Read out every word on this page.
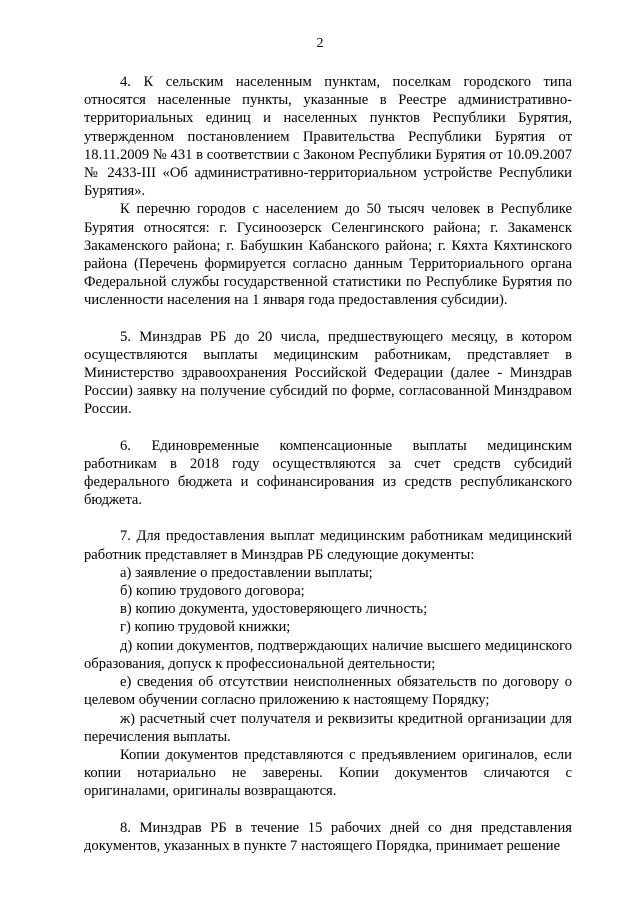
2

4. К сельским населенным пунктам, поселкам городского типа относятся населенные пункты, указанные в Реестре административно-территориальных единиц и населенных пунктов Республики Бурятия, утвержденном постановлением Правительства Республики Бурятия от 18.11.2009 № 431 в соответствии с Законом Республики Бурятия от 10.09.2007 № 2433-III «Об административно-территориальном устройстве Республики Бурятия».

К перечню городов с населением до 50 тысяч человек в Республике Бурятия относятся: г. Гусиноозерск Селенгинского района; г. Закаменск Закаменского района; г. Бабушкин Кабанского района; г. Кяхта Кяхтинского района (Перечень формируется согласно данным Территориального органа Федеральной службы государственной статистики по Республике Бурятия по численности населения на 1 января года предоставления субсидии).

5. Минздрав РБ до 20 числа, предшествующего месяцу, в котором осуществляются выплаты медицинским работникам, представляет в Министерство здравоохранения Российской Федерации (далее - Минздрав России) заявку на получение субсидий по форме, согласованной Минздравом России.

6. Единовременные компенсационные выплаты медицинским работникам в 2018 году осуществляются за счет средств субсидий федерального бюджета и софинансирования из средств республиканского бюджета.

7. Для предоставления выплат медицинским работникам медицинский работник представляет в Минздрав РБ следующие документы:

а) заявление о предоставлении выплаты;

б) копию трудового договора;

в) копию документа, удостоверяющего личность;

г) копию трудовой книжки;

д) копии документов, подтверждающих наличие высшего медицинского образования, допуск к профессиональной деятельности;

е) сведения об отсутствии неисполненных обязательств по договору о целевом обучении согласно приложению к настоящему Порядку;

ж) расчетный счет получателя и реквизиты кредитной организации для перечисления выплаты.

Копии документов представляются с предъявлением оригиналов, если копии нотариально не заверены. Копии документов сличаются с оригиналами, оригиналы возвращаются.

8. Минздрав РБ в течение 15 рабочих дней со дня представления документов, указанных в пункте 7 настоящего Порядка, принимает решение
